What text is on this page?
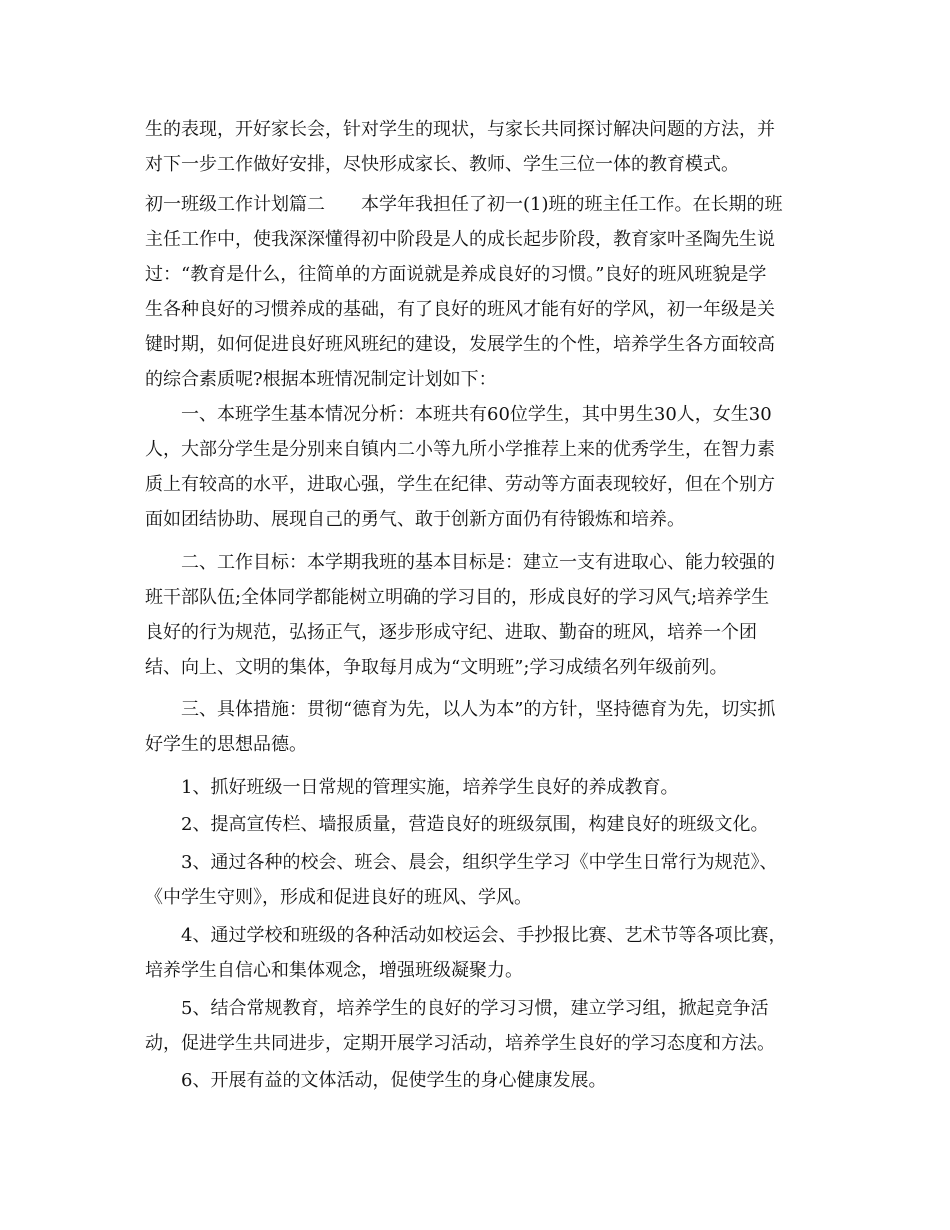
生的表现，开好家长会，针对学生的现状，与家长共同探讨解决问题的方法，并
对下一步工作做好安排，尽快形成家长、教师、学生三位一体的教育模式。
初一班级工作计划篇二　　本学年我担任了初一(1)班的班主任工作。在长期的班
主任工作中，使我深深懂得初中阶段是人的成长起步阶段，教育家叶圣陶先生说
过：“教育是什么，往简单的方面说就是养成良好的习惯。”良好的班风班貌是学
生各种良好的习惯养成的基础，有了良好的班风才能有好的学风，初一年级是关
键时期，如何促进良好班风班纪的建设，发展学生的个性，培养学生各方面较高
的综合素质呢?根据本班情况制定计划如下：
一、本班学生基本情况分析：本班共有60位学生，其中男生30人，女生30
人，大部分学生是分别来自镇内二小等九所小学推荐上来的优秀学生，在智力素
质上有较高的水平，进取心强，学生在纪律、劳动等方面表现较好，但在个别方
面如团结协助、展现自己的勇气、敢于创新方面仍有待锻炼和培养。
二、工作目标：本学期我班的基本目标是：建立一支有进取心、能力较强的
班干部队伍;全体同学都能树立明确的学习目的，形成良好的学习风气;培养学生
良好的行为规范，弘扬正气，逐步形成守纪、进取、勤奋的班风，培养一个团
结、向上、文明的集体，争取每月成为“文明班”;学习成绩名列年级前列。
三、具体措施：贯彻“德育为先，以人为本”的方针，坚持德育为先，切实抓
好学生的思想品德。
1、抓好班级一日常规的管理实施，培养学生良好的养成教育。
2、提高宣传栏、墙报质量，营造良好的班级氛围，构建良好的班级文化。
3、通过各种的校会、班会、晨会，组织学生学习《中学生日常行为规范》、
《中学生守则》，形成和促进良好的班风、学风。
4、通过学校和班级的各种活动如校运会、手抄报比赛、艺术节等各项比赛，
培养学生自信心和集体观念，增强班级凝聚力。
5、结合常规教育，培养学生的良好的学习习惯，建立学习组，掀起竞争活
动，促进学生共同进步，定期开展学习活动，培养学生良好的学习态度和方法。
6、开展有益的文体活动，促使学生的身心健康发展。
